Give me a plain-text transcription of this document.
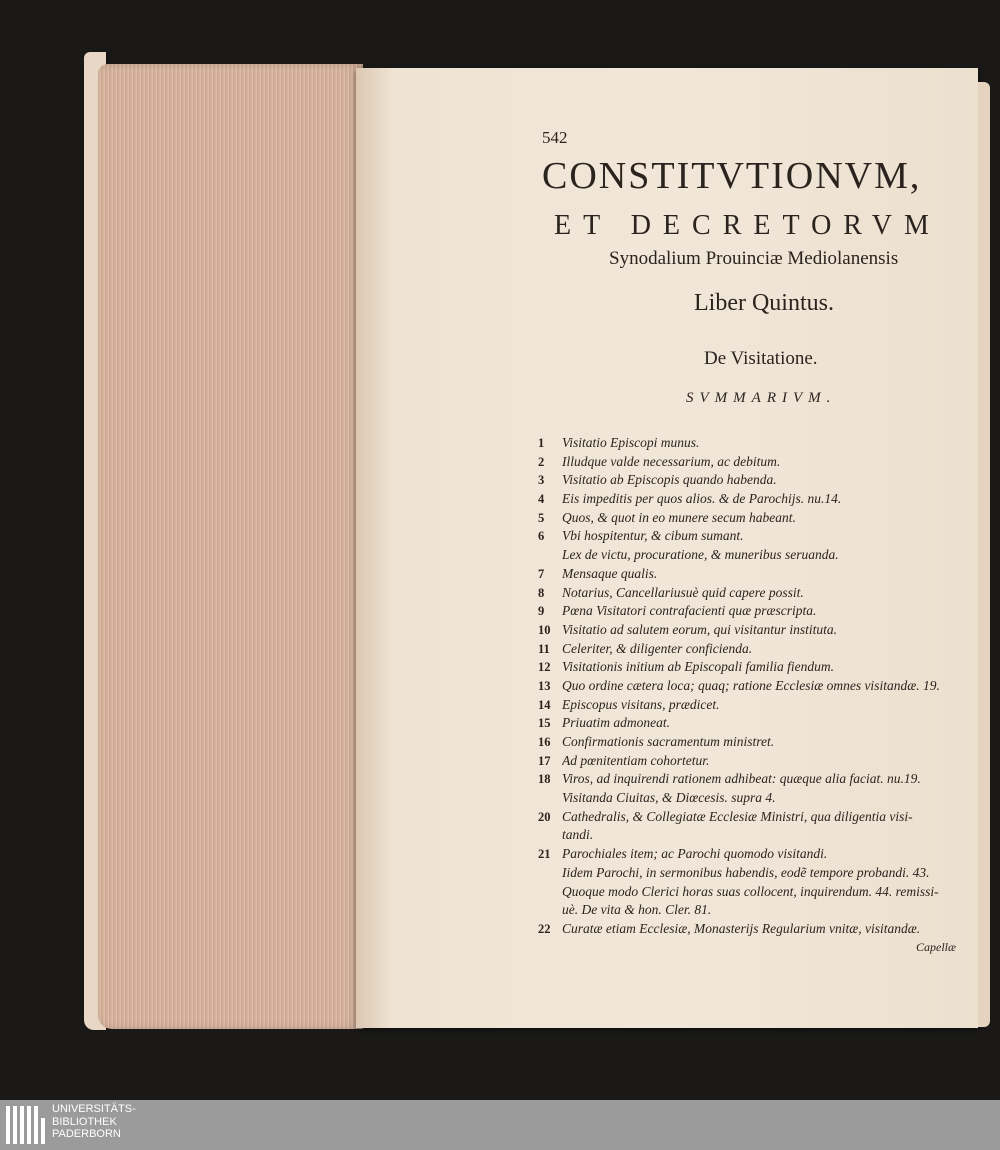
542
CONSTITVTIONVM,
ET DECRETORVM
Synodalium Prouinciæ Mediolanensis
Liber Quintus.
De Visitatione.
SVMMARIVM.
1	Visitatio Episcopi munus.
2	Illudque valde necessarium, ac debitum.
3	Visitatio ab Episcopis quando habenda.
4	Eis impeditis per quos alios. & de Parochijs. nu.14.
5	Quos, & quot in eo munere secum habeant.
6	Vbi hospitentur, & cibum sumant.
Lex de victu, procuratione, & muneribus seruanda.
7	Mensaque qualis.
8	Notarius, Cancellariusuè quid capere possit.
9	Pœna Visitatori contrafacienti quæ præscripta.
10 Visitatio ad salutem eorum, qui visitantur instituta.
11 Celeriter, & diligenter conficienda.
12 Visitationis initium ab Episcopali familia fiendum.
13 Quo ordine cætera loca; quaq; ratione Ecclesiæ omnes visitandæ. 19.
14 Episcopus visitans, prædicet.
15 Priuatim admoneat.
16 Confirmationis sacramentum ministret.
17 Ad pœnitentiam cohortetur.
18 Viros, ad inquirendi rationem adhibeat: quæque alia faciat. nu.19.
Visitanda Ciuitas, & Diœcesis. supra 4.
20 Cathedralis, & Collegiatæ Ecclesiæ Ministri, qua diligentia visi-
tandi.
21 Parochiales item; ac Parochi quomodo visitandi.
Iidem Parochi, in sermonibus habendis, eodẽ tempore probandi. 43.
Quoque modo Clerici horas suas collocent, inquirendum. 44. remissi-
uè. De vita & hon. Cler. 81.
22 Curatæ etiam Ecclesiæ, Monasterijs Regularium vnitæ, visitandæ.
Capellæ
UNIVERSITÄTS-
BIBLIOTHEK
PADERBORN
